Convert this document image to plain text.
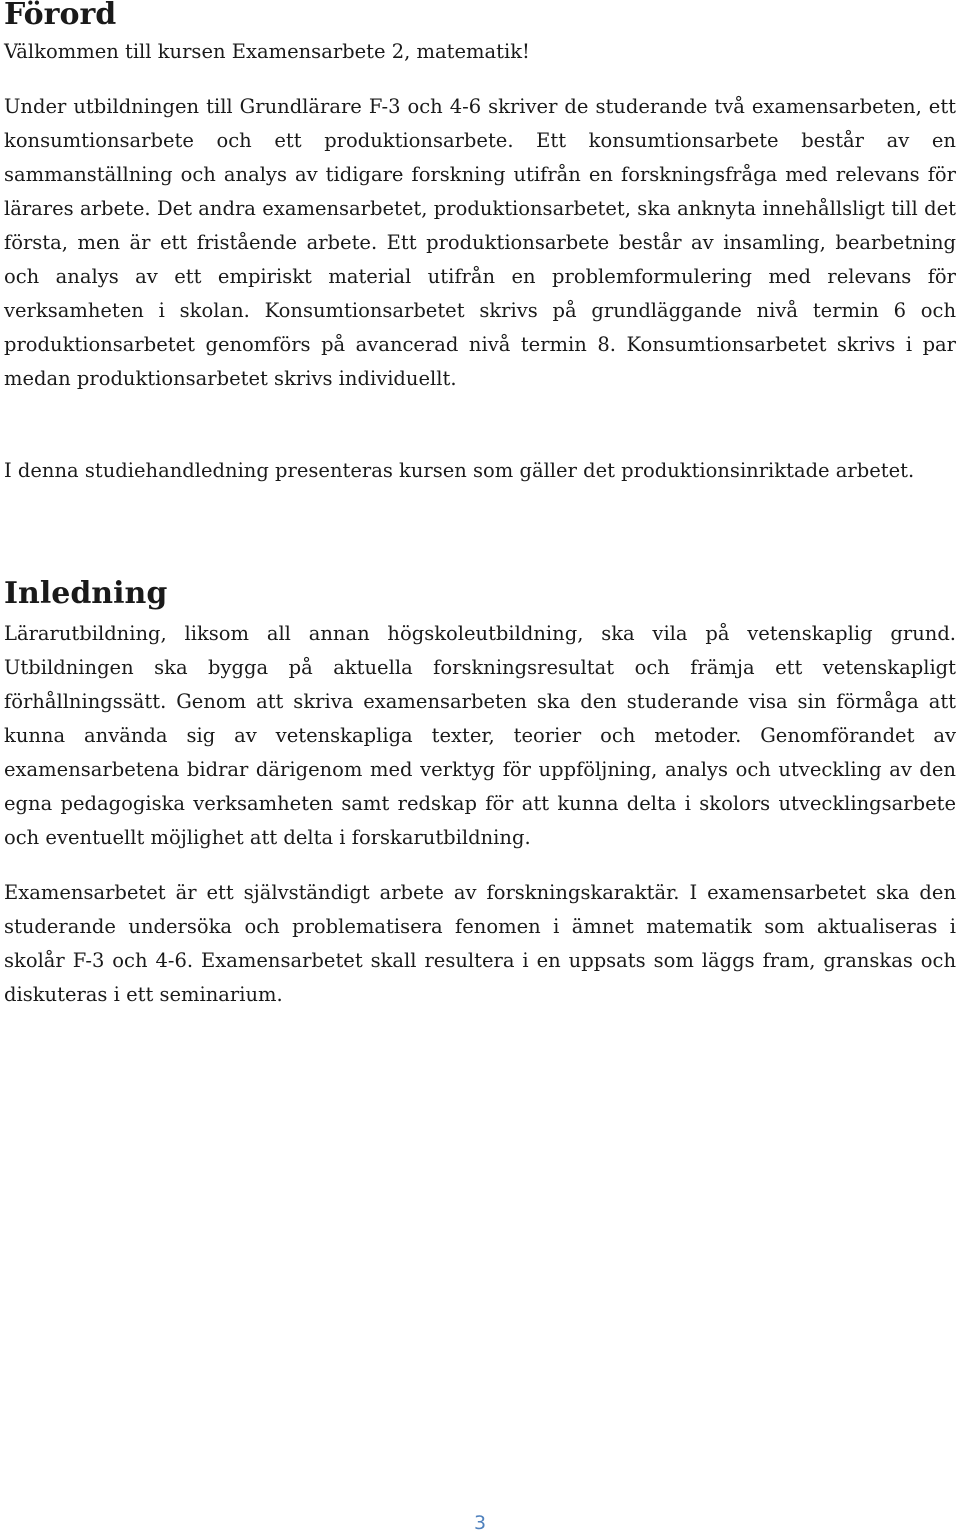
Förord

Välkommen till kursen Examensarbete 2, matematik!

Under utbildningen till Grundlärare F-3 och 4-6 skriver de studerande två examensarbeten, ett konsumtionsarbete och ett produktionsarbete. Ett konsumtionsarbete består av en sammanställning och analys av tidigare forskning utifrån en forskningsfråga med relevans för lärares arbete. Det andra examensarbetet, produktionsarbetet, ska anknyta innehållsligt till det första, men är ett fristående arbete. Ett produktionsarbete består av insamling, bearbetning och analys av ett empiriskt material utifrån en problemformulering med relevans för verksamheten i skolan. Konsumtionsarbetet skrivs på grundläggande nivå termin 6 och produktionsarbetet genomförs på avancerad nivå termin 8. Konsumtionsarbetet skrivs i par medan produktionsarbetet skrivs individuellt.

I denna studiehandledning presenteras kursen som gäller det produktionsinriktade arbetet.

Inledning

Lärarutbildning, liksom all annan högskoleutbildning, ska vila på vetenskaplig grund. Utbildningen ska bygga på aktuella forskningsresultat och främja ett vetenskapligt förhållningssätt. Genom att skriva examensarbeten ska den studerande visa sin förmåga att kunna använda sig av vetenskapliga texter, teorier och metoder. Genomförandet av examensarbetena bidrar därigenom med verktyg för uppföljning, analys och utveckling av den egna pedagogiska verksamheten samt redskap för att kunna delta i skolors utvecklingsarbete och eventuellt möjlighet att delta i forskarutbildning.

Examensarbetet är ett självständigt arbete av forskningskaraktär. I examensarbetet ska den studerande undersöka och problematisera fenomen i ämnet matematik som aktualiseras i skolår F-3 och 4-6. Examensarbetet skall resultera i en uppsats som läggs fram, granskas och diskuteras i ett seminarium.

3
